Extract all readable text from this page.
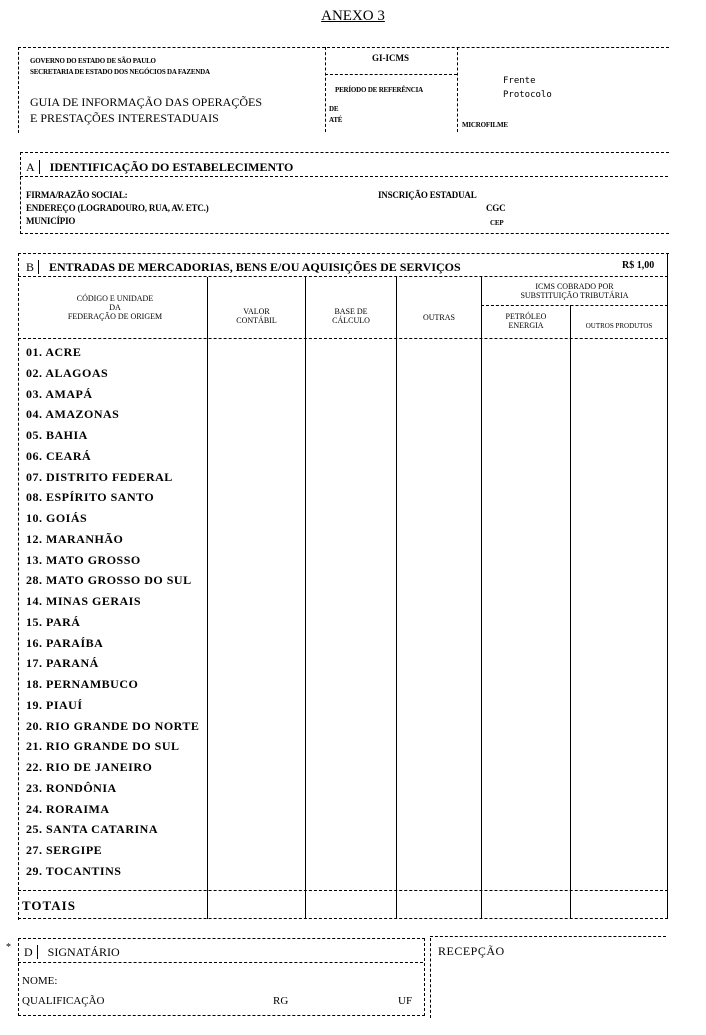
ANEXO 3
GOVERNO DO ESTADO DE SÃO PAULO
SECRETARIA DE ESTADO DOS NEGÓCIOS DA FAZENDA
GUIA DE INFORMAÇÃO DAS OPERAÇÕES
E PRESTAÇÕES INTERESTADUAIS
GI-ICMS
PERÍODO DE REFERÊNCIA
DE
ATÉ
Frente
Protocolo
MICROFILME
A IDENTIFICAÇÃO DO ESTABELECIMENTO
FIRMA/RAZÃO SOCIAL:
ENDEREÇO (LOGRADOURO, RUA, AV. ETC.)
MUNICÍPIO
INSCRIÇÃO ESTADUAL
CGC
CEP
B ENTRADAS DE MERCADORIAS, BENS E/OU AQUISIÇÕES DE SERVIÇOS	R$ 1,00
CÓDIGO E UNIDADE
DA
FEDERAÇÃO DE ORIGEM
VALOR
CONTÁBIL
BASE DE
CÁLCULO	OUTRAS
ICMS COBRADO POR
SUBSTITUIÇÃO TRIBUTÁRIA
PETRÓLEO
ENERGIA	OUTROS PRODUTOS
01. ACRE
02. ALAGOAS
03. AMAPÁ
04. AMAZONAS
05. BAHIA
06. CEARÁ
07. DISTRITO FEDERAL
08. ESPÍRITO SANTO
10. GOIÁS
12. MARANHÃO
13. MATO GROSSO
28. MATO GROSSO DO SUL
14. MINAS GERAIS
15. PARÁ
16. PARAÍBA
17. PARANÁ
18. PERNAMBUCO
19. PIAUÍ
20. RIO GRANDE DO NORTE
21. RIO GRANDE DO SUL
22. RIO DE JANEIRO
23. RONDÔNIA
24. RORAIMA
25. SANTA CATARINA
27. SERGIPE
29. TOCANTINS
TOTAIS
*	D SIGNATÁRIO
NOME:
QUALIFICAÇÃO	RG	UF
RECEPÇÃO
